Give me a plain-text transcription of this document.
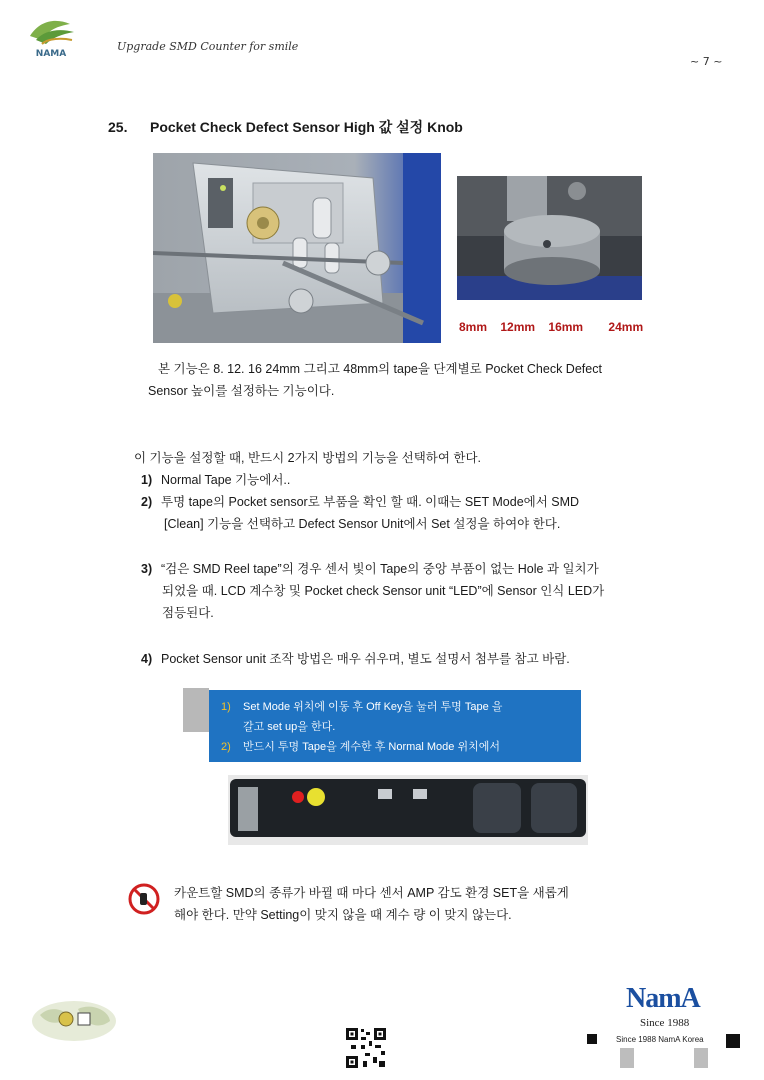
NAMA
Upgrade SMD Counter for smile
~ 7 ~
25. Pocket Check Defect Sensor High 값 설정 Knob
8mm 12mm 16mm 24mm
본 기능은 8. 12. 16 24mm 그리고 48mm의 tape을 단계별로 Pocket Check Defect
Sensor 높이를 설정하는 기능이다.
이 기능을 설정할 때, 반드시 2가지 방법의 기능을 선택하여 한다.
1) Normal Tape 기능에서..
2) 투명 tape의 Pocket sensor로 부품을 확인 할 때. 이때는 SET Mode에서 SMD
[Clean] 기능을 선택하고 Defect Sensor Unit에서 Set 설정을 하여야 한다.
3) “검은 SMD Reel tape”의 경우 센서 빛이 Tape의 중앙 부품이 없는 Hole 과 일치가
되었을 때. LCD 계수창 및 Pocket check Sensor unit “LED”에 Sensor 인식 LED가
점등된다.
4) Pocket Sensor unit 조작 방법은 매우 쉬우며, 별도 설명서 첨부를 참고 바람.
1) Set Mode 위치에 이동 후 Off Key을 눌러 투명 Tape 을
갈고 set up을 한다.
2) 반드시 투명 Tape을 계수한 후 Normal Mode 위치에서
카운트할 SMD의 종류가 바뀔 때 마다 센서 AMP 감도 환경 SET을 새롭게
해야 한다. 만약 Setting이 맞지 않을 때 계수 량 이 맞지 않는다.
NamA
Since 1988
Since 1988 NamA Korea
